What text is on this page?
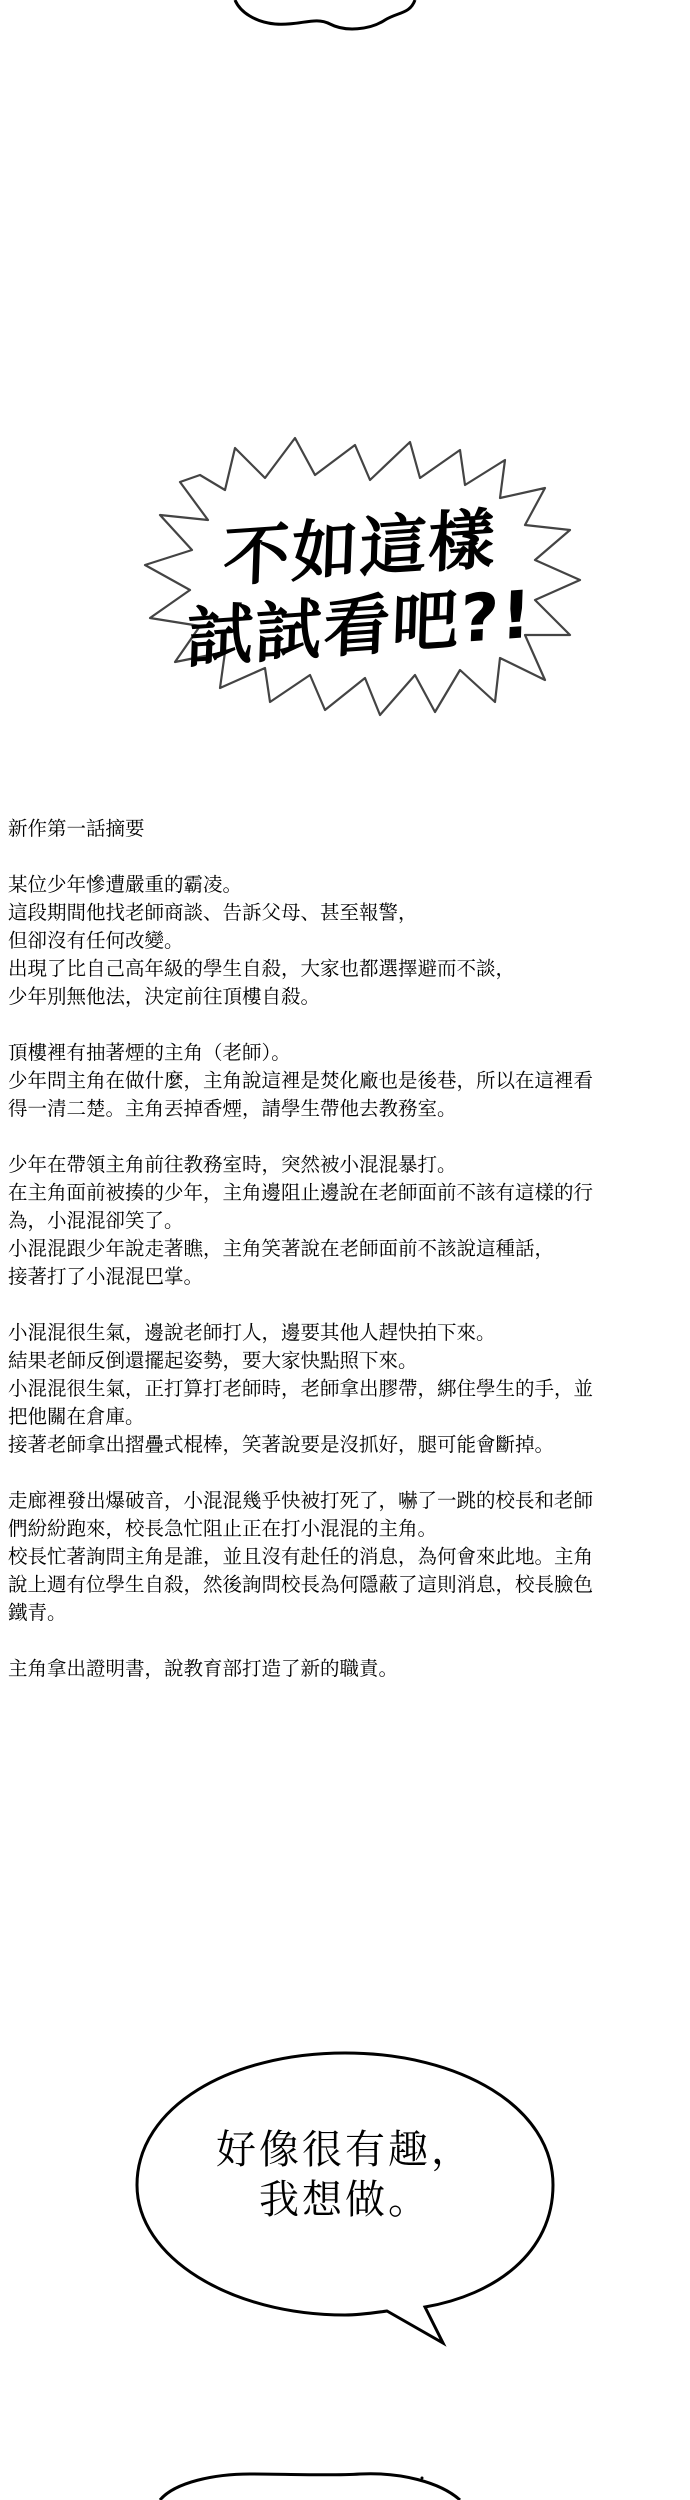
不如這樣
試試看吧?!

新作第一話摘要

某位少年慘遭嚴重的霸凌。

這段期間他找老師商談、告訴父母、甚至報警，

但卻沒有任何改變。

出現了比自己高年級的學生自殺，大家也都選擇避而不談，

少年別無他法，決定前往頂樓自殺。

頂樓裡有抽著煙的主角（老師）。

少年問主角在做什麼，主角說這裡是焚化廠也是後巷，所以在這裡看

得一清二楚。主角丟掉香煙，請學生帶他去教務室。

少年在帶領主角前往教務室時，突然被小混混暴打。

在主角面前被揍的少年，主角邊阻止邊說在老師面前不該有這樣的行

為，小混混卻笑了。

小混混跟少年說走著瞧，主角笑著說在老師面前不該說這種話，

接著打了小混混巴掌。

小混混很生氣，邊說老師打人，邊要其他人趕快拍下來。

結果老師反倒還擺起姿勢，要大家快點照下來。

小混混很生氣，正打算打老師時，老師拿出膠帶，綁住學生的手，並

把他關在倉庫。

接著老師拿出摺疊式棍棒，笑著說要是沒抓好，腿可能會斷掉。

走廊裡發出爆破音，小混混幾乎快被打死了，嚇了一跳的校長和老師

們紛紛跑來，校長急忙阻止正在打小混混的主角。

校長忙著詢問主角是誰，並且沒有赴任的消息，為何會來此地。主角

說上週有位學生自殺，然後詢問校長為何隱蔽了這則消息，校長臉色

鐵青。

主角拿出證明書，說教育部打造了新的職責。

好像很有趣，
我想做。
